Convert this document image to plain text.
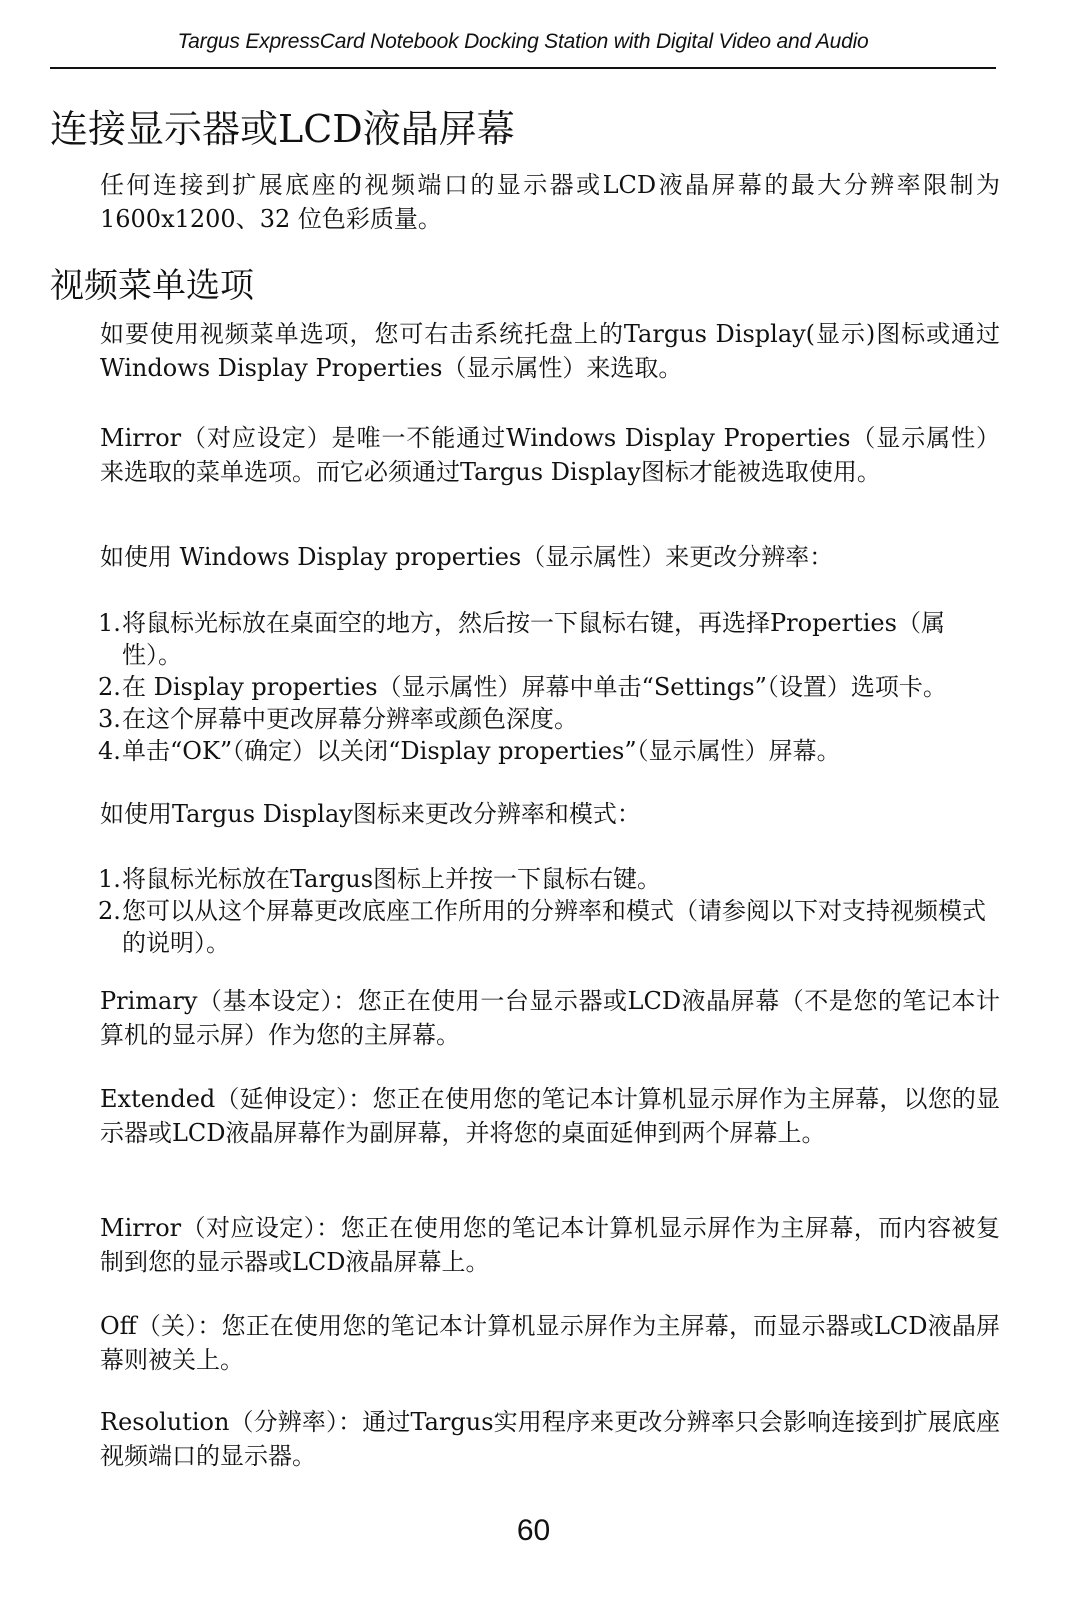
Targus ExpressCard Notebook Docking Station with Digital Video and Audio
连接显示器或LCD液晶屏幕
任何连接到扩展底座的视频端口的显示器或LCD液晶屏幕的最大分辨率限制为1600x1200、32 位色彩质量。
视频菜单选项
如要使用视频菜单选项，您可右击系统托盘上的Targus Display(显示)图标或通过Windows Display Properties（显示属性）来选取。
Mirror（对应设定）是唯一不能通过Windows Display Properties（显示属性）来选取的菜单选项。而它必须通过Targus Display图标才能被选取使用。
如使用 Windows Display properties（显示属性）来更改分辨率：
1. 将鼠标光标放在桌面空的地方，然后按一下鼠标右键，再选择Properties（属性）。
2. 在 Display properties（显示属性）屏幕中单击“Settings”（设置）选项卡。
3. 在这个屏幕中更改屏幕分辨率或颜色深度。
4. 单击“OK”（确定）以关闭“Display properties”（显示属性）屏幕。
如使用Targus Display图标来更改分辨率和模式：
1. 将鼠标光标放在Targus图标上并按一下鼠标右键。
2. 您可以从这个屏幕更改底座工作所用的分辨率和模式（请参阅以下对支持视频模式的说明）。
Primary（基本设定）：您正在使用一台显示器或LCD液晶屏幕（不是您的笔记本计算机的显示屏）作为您的主屏幕。
Extended（延伸设定）：您正在使用您的笔记本计算机显示屏作为主屏幕，以您的显示器或LCD液晶屏幕作为副屏幕，并将您的桌面延伸到两个屏幕上。
Mirror（对应设定）：您正在使用您的笔记本计算机显示屏作为主屏幕，而内容被复制到您的显示器或LCD液晶屏幕上。
Off（关）：您正在使用您的笔记本计算机显示屏作为主屏幕，而显示器或LCD液晶屏幕则被关上。
Resolution（分辨率）：通过Targus实用程序来更改分辨率只会影响连接到扩展底座视频端口的显示器。
60
